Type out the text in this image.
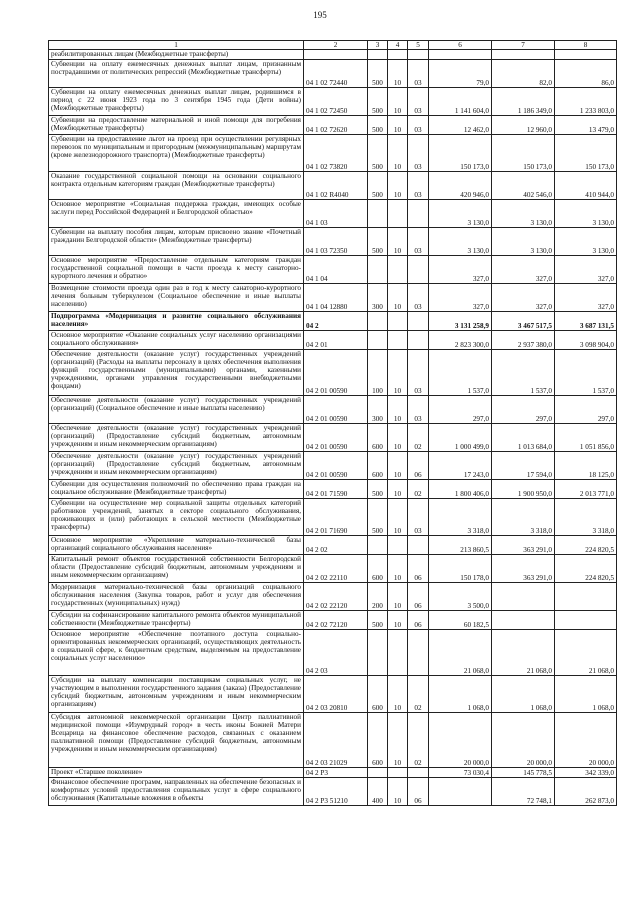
195
1	2	3	4	5	6	7	8
реабилитированных лицам (Межбюджетные трансферты)							
Субвенции на оплату ежемесячных денежных выплат лицам, признанным пострадавшими от политических репрессий (Межбюджетные трансферты)	04 1 02 72440	500	10	03	79,0	82,0	86,0
Субвенции на оплату ежемесячных денежных выплат лицам, родившимся в период с 22 июня 1923 года по 3 сентября 1945 года (Дети войны) (Межбюджетные трансферты)	04 1 02 72450	500	10	03	1 141 604,0	1 186 349,0	1 233 803,0
Субвенции на предоставление материальной и иной помощи для погребения (Межбюджетные трансферты)	04 1 02 72620	500	10	03	12 462,0	12 960,0	13 479,0
Субвенции на предоставление льгот на проезд при осуществлении регулярных перевозок по муниципальным и пригородным (межмуниципальным) маршрутам (кроме железнодорожного транспорта) (Межбюджетные трансферты)	04 1 02 73820	500	10	03	150 173,0	150 173,0	150 173,0
Оказание государственной социальной помощи на основании социального контракта отдельным категориям граждан (Межбюджетные трансферты)	04 1 02 R4040	500	10	03	420 946,0	402 546,0	410 944,0
Основное мероприятие «Социальная поддержка граждан, имеющих особые заслуги перед Российской Федерацией и Белгородской областью»	04 1 03				3 130,0	3 130,0	3 130,0
Субвенции на выплату пособия лицам, которым присвоено звание «Почетный гражданин Белгородской области» (Межбюджетные трансферты)	04 1 03 72350	500	10	03	3 130,0	3 130,0	3 130,0
Основное мероприятие «Предоставление отдельным категориям граждан государственной социальной помощи в части проезда к месту санаторно-курортного лечения и обратно»	04 1 04				327,0	327,0	327,0
Возмещение стоимости проезда один раз в год к месту санаторно-курортного лечения больным туберкулезом (Социальное обеспечение и иные выплаты населению)	04 1 04 12880	300	10	03	327,0	327,0	327,0
Подпрограмма «Модернизация и развитие социального обслуживания населения»	04 2				3 131 258,9	3 467 517,5	3 687 131,5
Основное мероприятие «Оказание социальных услуг населению организациями социального обслуживания»	04 2 01				2 823 300,0	2 937 380,0	3 098 904,0
Обеспечение деятельности (оказание услуг) государственных учреждений (организаций) (Расходы на выплаты персоналу в целях обеспечения выполнения функций государственными (муниципальными) органами, казенными учреждениями, органами управления государственными внебюджетными фондами)	04 2 01 00590	100	10	03	1 537,0	1 537,0	1 537,0
Обеспечение деятельности (оказание услуг) государственных учреждений (организаций) (Социальное обеспечение и иные выплаты населению)	04 2 01 00590	300	10	03	297,0	297,0	297,0
Обеспечение деятельности (оказание услуг) государственных учреждений (организаций) (Предоставление субсидий бюджетным, автономным учреждениям и иным некоммерческим организациям)	04 2 01 00590	600	10	02	1 000 499,0	1 013 684,0	1 051 856,0
Обеспечение деятельности (оказание услуг) государственных учреждений (организаций) (Предоставление субсидий бюджетным, автономным учреждениям и иным некоммерческим организациям)	04 2 01 00590	600	10	06	17 243,0	17 594,0	18 125,0
Субвенции для осуществления полномочий по обеспечению права граждан на социальное обслуживание (Межбюджетные трансферты)	04 2 01 71590	500	10	02	1 800 406,0	1 900 950,0	2 013 771,0
Субвенции на осуществление мер социальной защиты отдельных категорий работников учреждений, занятых в секторе социального обслуживания, проживающих и (или) работающих в сельской местности (Межбюджетные трансферты)	04 2 01 71690	500	10	03	3 318,0	3 318,0	3 318,0
Основное мероприятие «Укрепление материально-технической базы организаций социального обслуживания населения»	04 2 02				213 860,5	363 291,0	224 820,5
Капитальный ремонт объектов государственной собственности Белгородской области (Предоставление субсидий бюджетным, автономным учреждениям и иным некоммерческим организациям)	04 2 02 22110	600	10	06	150 178,0	363 291,0	224 820,5
Модернизация материально-технической базы организаций социального обслуживания населения (Закупка товаров, работ и услуг для обеспечения государственных (муниципальных) нужд)	04 2 02 22120	200	10	06	3 500,0		
Субсидии на софинансирование капитального ремонта объектов муниципальной собственности (Межбюджетные трансферты)	04 2 02 72120	500	10	06	60 182,5		
Основное мероприятие «Обеспечение поэтапного доступа социально-ориентированных некоммерческих организаций, осуществляющих деятельность в социальной сфере, к бюджетным средствам, выделяемым на предоставление социальных услуг населению»	04 2 03				21 068,0	21 068,0	21 068,0
Субсидии на выплату компенсации поставщикам социальных услуг, не участвующим в выполнении государственного задания (заказа) (Предоставление субсидий бюджетным, автономным учреждениям и иным некоммерческим организациям)	04 2 03 20810	600	10	02	1 068,0	1 068,0	1 068,0
Субсидия автономной некоммерческой организации Центр паллиативной медицинской помощи «Изумрудный город» в честь иконы Божией Матери Всецарица на финансовое обеспечение расходов, связанных с оказанием паллиативной помощи (Предоставление субсидий бюджетным, автономным учреждениям и иным некоммерческим организациям)	04 2 03 21029	600	10	02	20 000,0	20 000,0	20 000,0
Проект «Старшее поколение»	04 2 P3				73 030,4	145 778,5	342 339,0
Финансовое обеспечение программ, направленных на обеспечение безопасных и комфортных условий предоставления социальных услуг в сфере социального обслуживания (Капитальные вложения в объекты	04 2 P3 51210	400	10	06		72 748,1	262 873,0
